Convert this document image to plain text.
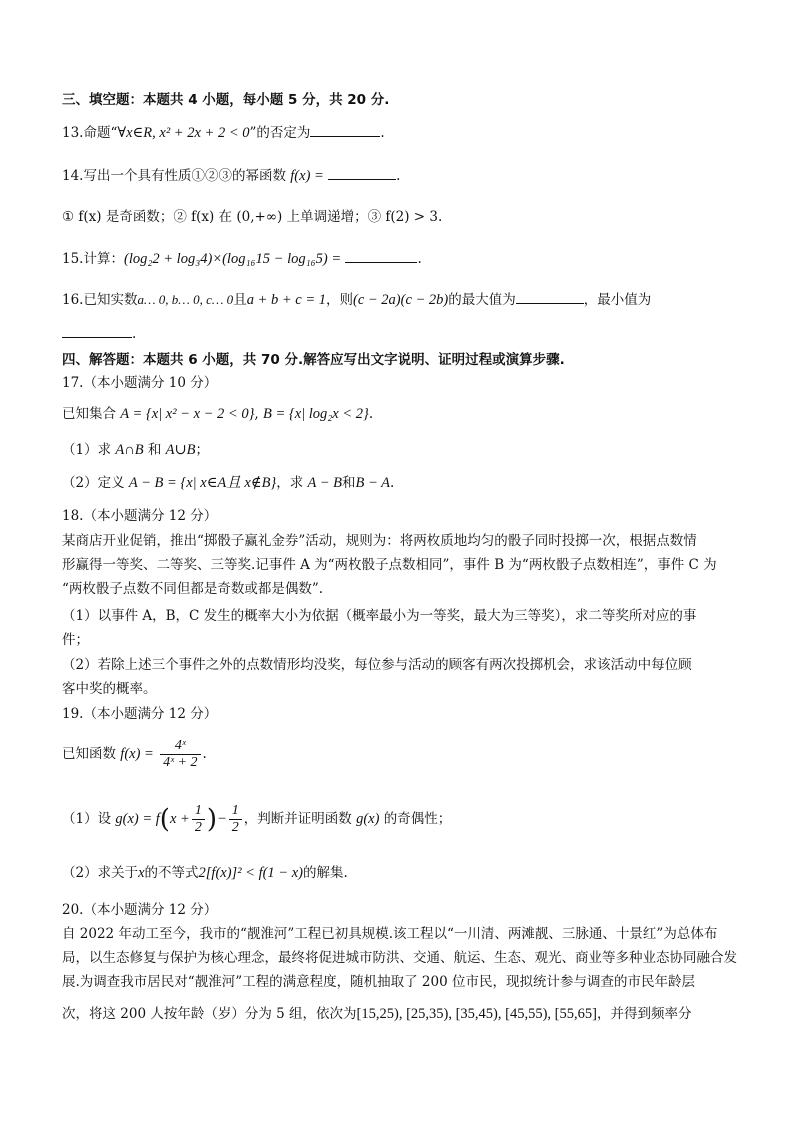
三、填空题：本题共 4 小题，每小题 5 分，共 20 分.
13.命题“∀x∈R, x² + 2x + 2 < 0”的否定为	.
14.写出一个具有性质①②③的幂函数 f(x) =	.
① f(x) 是奇函数；② f(x) 在 (0,+∞) 上单调递增；③ f(2) > 3.
15.计算：(log₂2 + log₃4)×(log₁₆15 − log₁₆5) =	.
16.已知实数a… 0, b… 0, c… 0且a + b + c = 1，则(c − 2a)(c − 2b)的最大值为	，最小值为
.
四、解答题：本题共 6 小题，共 70 分.解答应写出文字说明、证明过程或演算步骤.
17.（本小题满分 10 分）
已知集合 A = {x| x² − x − 2 < 0}, B = {x| log₂x < 2}.
（1）求 A∩B 和 A∪B；
（2）定义 A − B = {x| x∈A且 x∉B}，求 A − B和B − A.
18.（本小题满分 12 分）
某商店开业促销，推出“掷骰子赢礼金券”活动，规则为：将两枚质地均匀的骰子同时投掷一次，根据点数情
形赢得一等奖、二等奖、三等奖.记事件 A 为“两枚骰子点数相同”，事件 B 为“两枚骰子点数相连”，事件 C 为
“两枚骰子点数不同但都是奇数或都是偶数”.
（1）以事件 A，B，C 发生的概率大小为依据（概率最小为一等奖，最大为三等奖），求二等奖所对应的事
件；
（2）若除上述三个事件之外的点数情形均没奖，每位参与活动的顾客有两次投掷机会，求该活动中每位顾
客中奖的概率。
19.（本小题满分 12 分）
已知函数 $f(x) = \frac{\text{4ˣ}}{\text{4ˣ + 2}}$ .
（1）设 $g(x) = f(x + \frac{1}{2}$ )− $\frac{1}{2}$ ，判断并证明函数 g(x) 的奇偶性；
（2）求关于x的不等式2[f(x)]² < f(1 − x)的解集.
20.（本小题满分 12 分）
自 2022 年动工至今，我市的“靓淮河”工程已初具规模.该工程以“一川清、两滩靓、三脉通、十景红”为总体布
局，以生态修复与保护为核心理念，最终将促进城市防洪、交通、航运、生态、观光、商业等多种业态协同融合发
展.为调查我市居民对“靓淮河”工程的满意程度，随机抽取了 200 位市民，现拟统计参与调查的市民年龄层
次，将这 200 人按年龄（岁）分为 5 组，依次为[15,25), [25,35), [35,45), [45,55), [55,65]，并得到频率分
